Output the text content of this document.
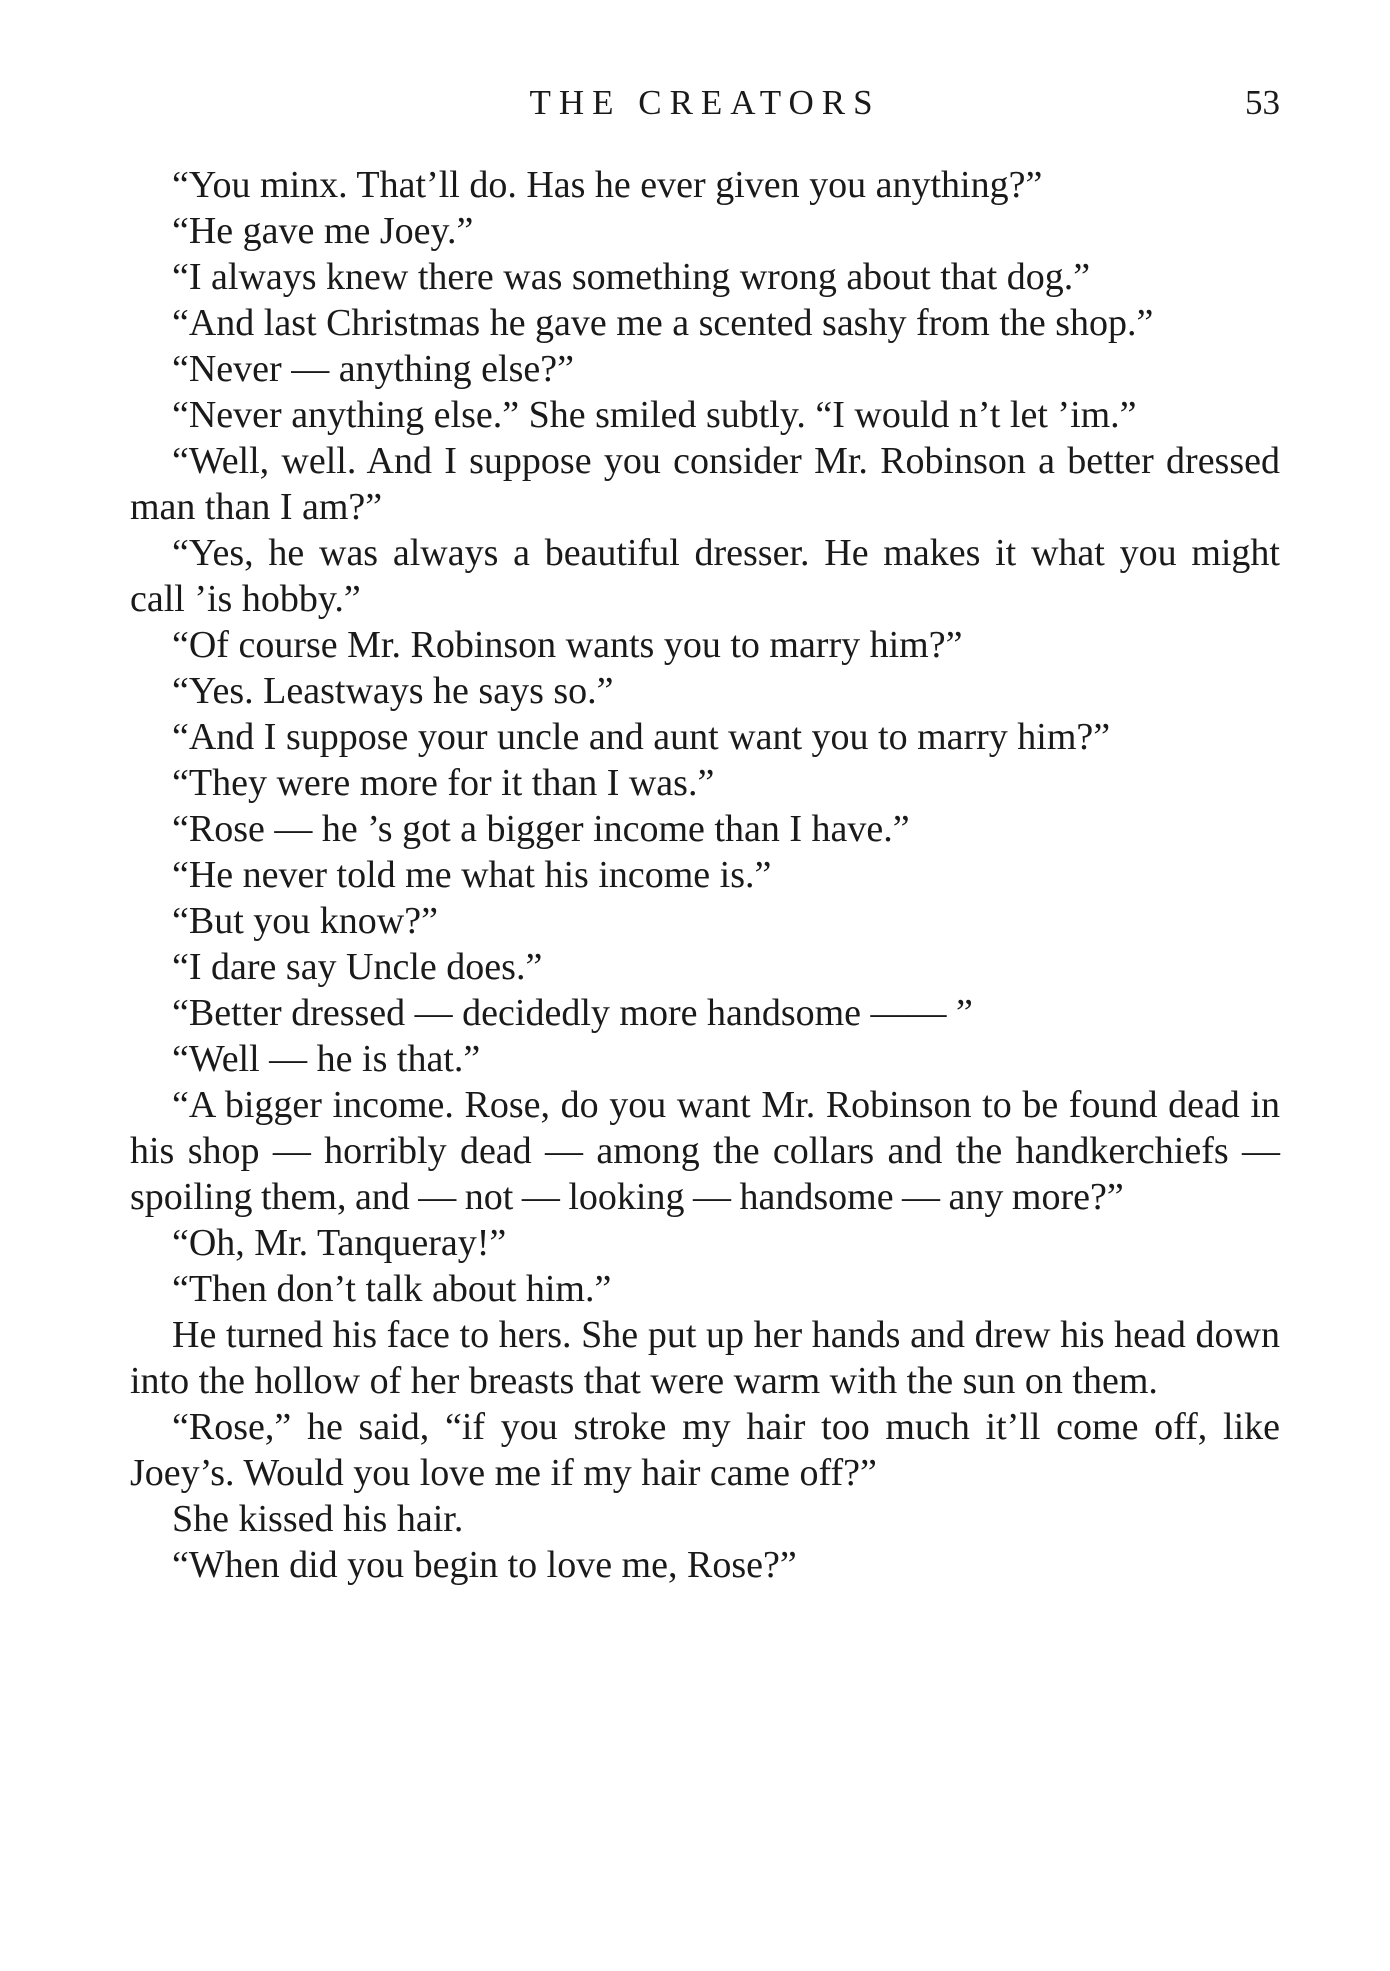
THE CREATORS	53

“You minx. That’ll do. Has he ever given you anything?”

“He gave me Joey.”

“I always knew there was something wrong about that dog.”

“And last Christmas he gave me a scented sashy from the shop.”

“Never — anything else?”

“Never anything else.” She smiled subtly. “I would n’t let ’im.”

“Well, well. And I suppose you consider Mr. Robinson a better dressed man than I am?”

“Yes, he was always a beautiful dresser. He makes it what you might call ’is hobby.”

“Of course Mr. Robinson wants you to marry him?”

“Yes. Leastways he says so.”

“And I suppose your uncle and aunt want you to marry him?”

“They were more for it than I was.”

“Rose — he ’s got a bigger income than I have.”

“He never told me what his income is.”

“But you know?”

“I dare say Uncle does.”

“Better dressed — decidedly more handsome —— ”

“Well — he is that.”

“A bigger income. Rose, do you want Mr. Robinson to be found dead in his shop — horribly dead — among the collars and the handkerchiefs — spoiling them, and — not — looking — handsome — any more?”

“Oh, Mr. Tanqueray!”

“Then don’t talk about him.”

He turned his face to hers. She put up her hands and drew his head down into the hollow of her breasts that were warm with the sun on them.

“Rose,” he said, “if you stroke my hair too much it’ll come off, like Joey’s. Would you love me if my hair came off?”

She kissed his hair.

“When did you begin to love me, Rose?”
